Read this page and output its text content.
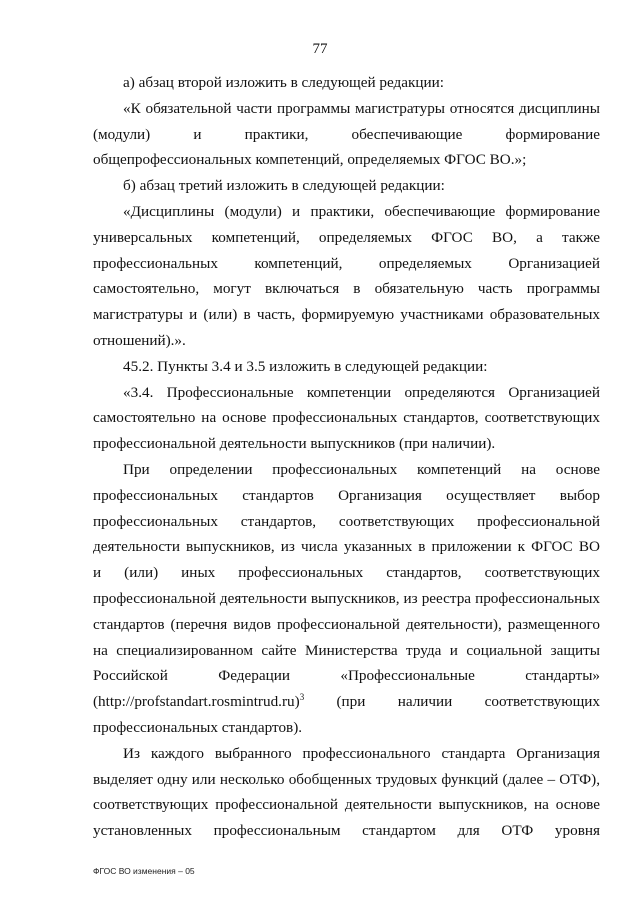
77
а) абзац второй изложить в следующей редакции:
«К обязательной части программы магистратуры относятся дисциплины
(модули)      и      практики,      обеспечивающие      формирование
общепрофессиональных компетенций, определяемых ФГОС ВО.»;
б) абзац третий изложить в следующей редакции:
«Дисциплины (модули) и практики, обеспечивающие формирование
универсальных компетенций, определяемых ФГОС ВО, а также
профессиональных компетенций, определяемых Организацией
самостоятельно, могут включаться в обязательную часть программы
магистратуры и (или) в часть, формируемую участниками образовательных
отношений).».
45.2. Пункты 3.4 и 3.5 изложить в следующей редакции:
«3.4. Профессиональные компетенции определяются Организацией
самостоятельно на основе профессиональных стандартов, соответствующих
профессиональной деятельности выпускников (при наличии).
При определении профессиональных компетенций на основе
профессиональных стандартов Организация осуществляет выбор
профессиональных стандартов, соответствующих профессиональной
деятельности выпускников, из числа указанных в приложении к ФГОС ВО
и (или) иных профессиональных стандартов, соответствующих
профессиональной деятельности выпускников, из реестра профессиональных
стандартов (перечня видов профессиональной деятельности), размещенного
на специализированном сайте Министерства труда и социальной защиты
Российской Федерации «Профессиональные стандарты»
(http://profstandart.rosmintrud.ru)$^3$      (при      наличии      соответствующих
профессиональных стандартов).
Из каждого выбранного профессионального стандарта Организация
выделяет одну или несколько обобщенных трудовых функций (далее – ОТФ),
соответствующих профессиональной деятельности выпускников, на основе
установленных профессиональным стандартом для ОТФ уровня
ФГОС ВО изменения – 05
